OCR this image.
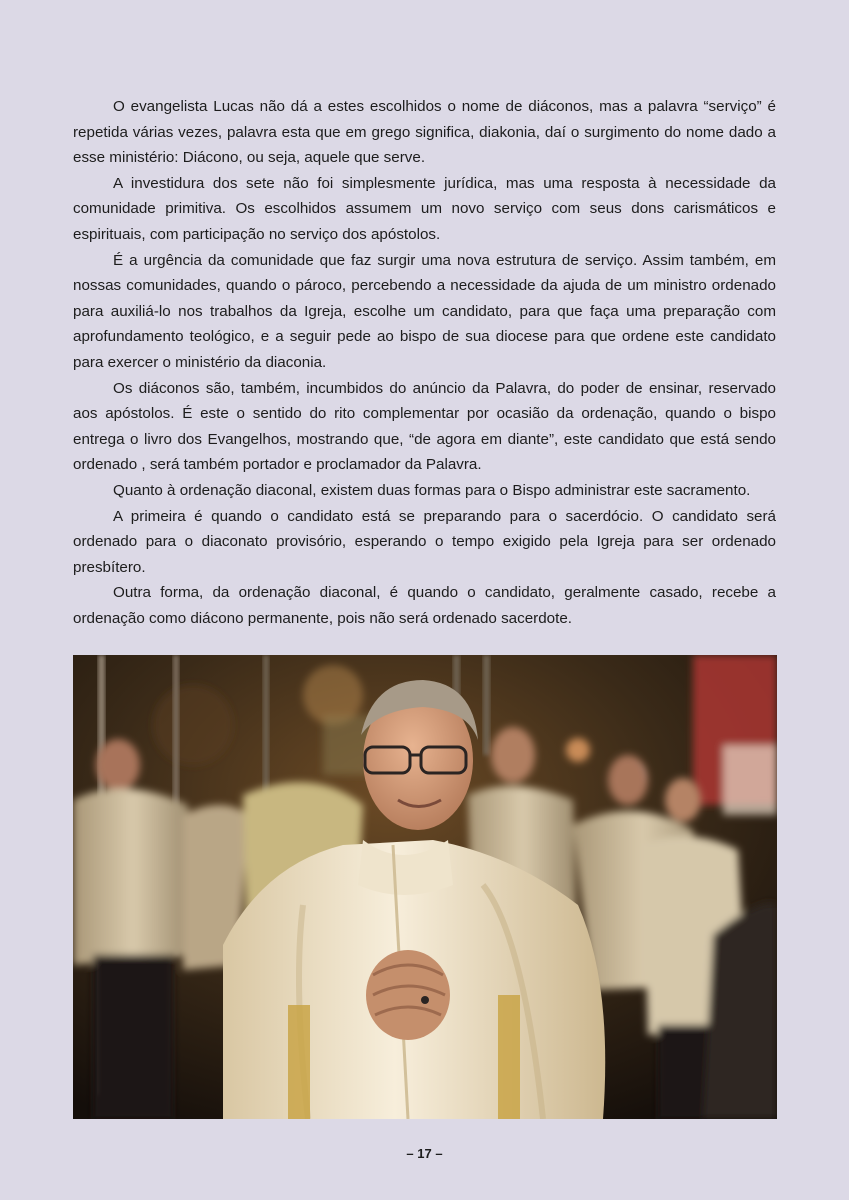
O evangelista Lucas não dá a estes escolhidos o nome de diáconos, mas a palavra “serviço” é repetida várias vezes, palavra esta que em grego significa, diakonia, daí o surgimento do nome dado a esse ministério: Diácono, ou seja, aquele que serve.

A investidura dos sete não foi simplesmente jurídica, mas uma resposta à necessidade da comunidade primitiva. Os escolhidos assumem um novo serviço com seus dons carismáticos e espirituais, com participação no serviço dos apóstolos.

É a urgência da comunidade que faz surgir uma nova estrutura de serviço. Assim também, em nossas comunidades, quando o pároco, percebendo a necessidade da ajuda de um ministro ordenado para auxiliá-lo nos trabalhos da Igreja, escolhe um candidato, para que faça uma preparação com aprofundamento teológico, e a seguir pede ao bispo de sua diocese para que ordene este candidato para exercer o ministério da diaconia.

Os diáconos são, também, incumbidos do anúncio da Palavra, do poder de ensinar, reservado aos apóstolos. É este o sentido do rito complementar por ocasião da ordenação, quando o bispo entrega o livro dos Evangelhos, mostrando que, “de agora em diante”, este candidato que está sendo ordenado , será também portador e proclamador da Palavra.

Quanto à ordenação diaconal, existem duas formas para o Bispo administrar este sacramento.

A primeira é quando o candidato está se preparando para o sacerdócio. O candidato será ordenado para o diaconato provisório, esperando o tempo exigido pela Igreja para ser ordenado presbítero.

Outra forma, da ordenação diaconal, é quando o candidato, geralmente casado, recebe a ordenação como diácono permanente, pois não será ordenado sacerdote.

– 17 –
